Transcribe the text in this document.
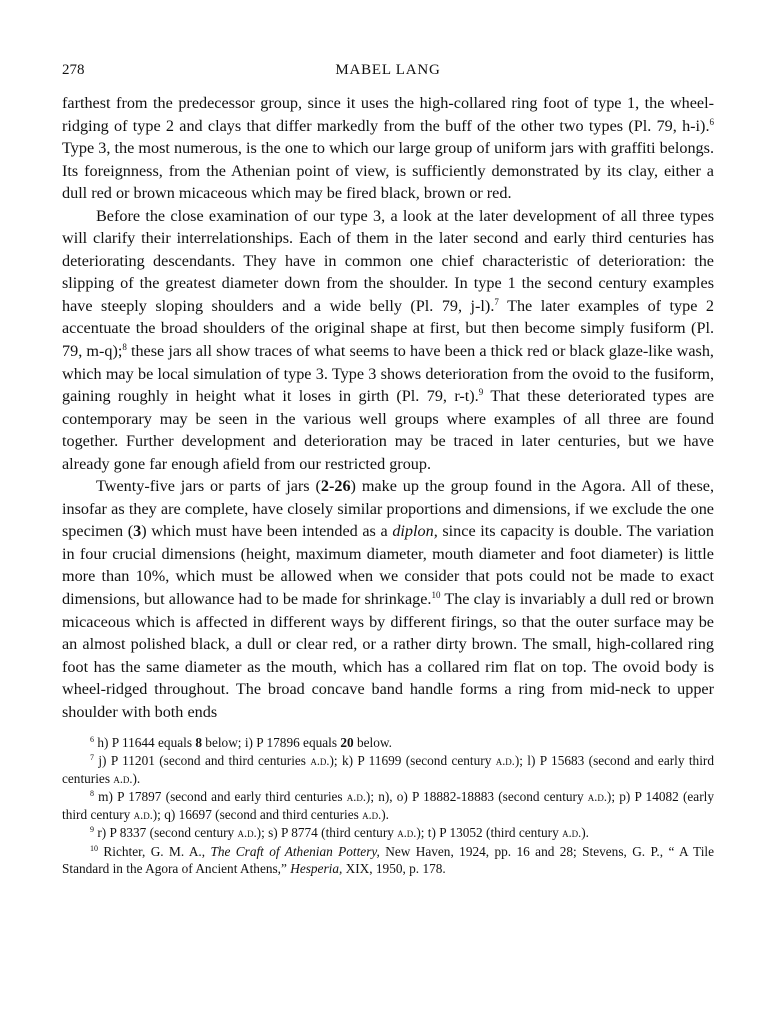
278	MABEL LANG

farthest from the predecessor group, since it uses the high-collared ring foot of type 1, the wheel-ridging of type 2 and clays that differ markedly from the buff of the other two types (Pl. 79, h-i).$^6$ Type 3, the most numerous, is the one to which our large group of uniform jars with graffiti belongs. Its foreignness, from the Athenian point of view, is sufficiently demonstrated by its clay, either a dull red or brown micaceous which may be fired black, brown or red.

Before the close examination of our type 3, a look at the later development of all three types will clarify their interrelationships. Each of them in the later second and early third centuries has deteriorating descendants. They have in common one chief characteristic of deterioration: the slipping of the greatest diameter down from the shoulder. In type 1 the second century examples have steeply sloping shoulders and a wide belly (Pl. 79, j-l).$^7$ The later examples of type 2 accentuate the broad shoulders of the original shape at first, but then become simply fusiform (Pl. 79, m-q);$^8$ these jars all show traces of what seems to have been a thick red or black glaze-like wash, which may be local simulation of type 3. Type 3 shows deterioration from the ovoid to the fusiform, gaining roughly in height what it loses in girth (Pl. 79, r-t).$^9$ That these deteriorated types are contemporary may be seen in the various well groups where examples of all three are found together. Further development and deterioration may be traced in later centuries, but we have already gone far enough afield from our restricted group.

Twenty-five jars or parts of jars (2-26) make up the group found in the Agora. All of these, insofar as they are complete, have closely similar proportions and dimensions, if we exclude the one specimen (3) which must have been intended as a diplon, since its capacity is double. The variation in four crucial dimensions (height, maximum diameter, mouth diameter and foot diameter) is little more than 10%, which must be allowed when we consider that pots could not be made to exact dimensions, but allowance had to be made for shrinkage.$^{10}$ The clay is invariably a dull red or brown micaceous which is affected in different ways by different firings, so that the outer surface may be an almost polished black, a dull or clear red, or a rather dirty brown. The small, high-collared ring foot has the same diameter as the mouth, which has a collared rim flat on top. The ovoid body is wheel-ridged throughout. The broad concave band handle forms a ring from mid-neck to upper shoulder with both ends

$^6$ h) P 11644 equals 8 below; i) P 17896 equals 20 below.

$^7$ j) P 11201 (second and third centuries a.d.); k) P 11699 (second century a.d.); l) P 15683 (second and early third centuries a.d.).

$^8$ m) P 17897 (second and early third centuries a.d.); n), o) P 18882-18883 (second century a.d.); p) P 14082 (early third century a.d.); q) 16697 (second and third centuries a.d.).

$^9$ r) P 8337 (second century a.d.); s) P 8774 (third century a.d.); t) P 13052 (third century a.d.).

$^{10}$ Richter, G. M. A., The Craft of Athenian Pottery, New Haven, 1924, pp. 16 and 28; Stevens, G. P., “ A Tile Standard in the Agora of Ancient Athens,” Hesperia, XIX, 1950, p. 178.
